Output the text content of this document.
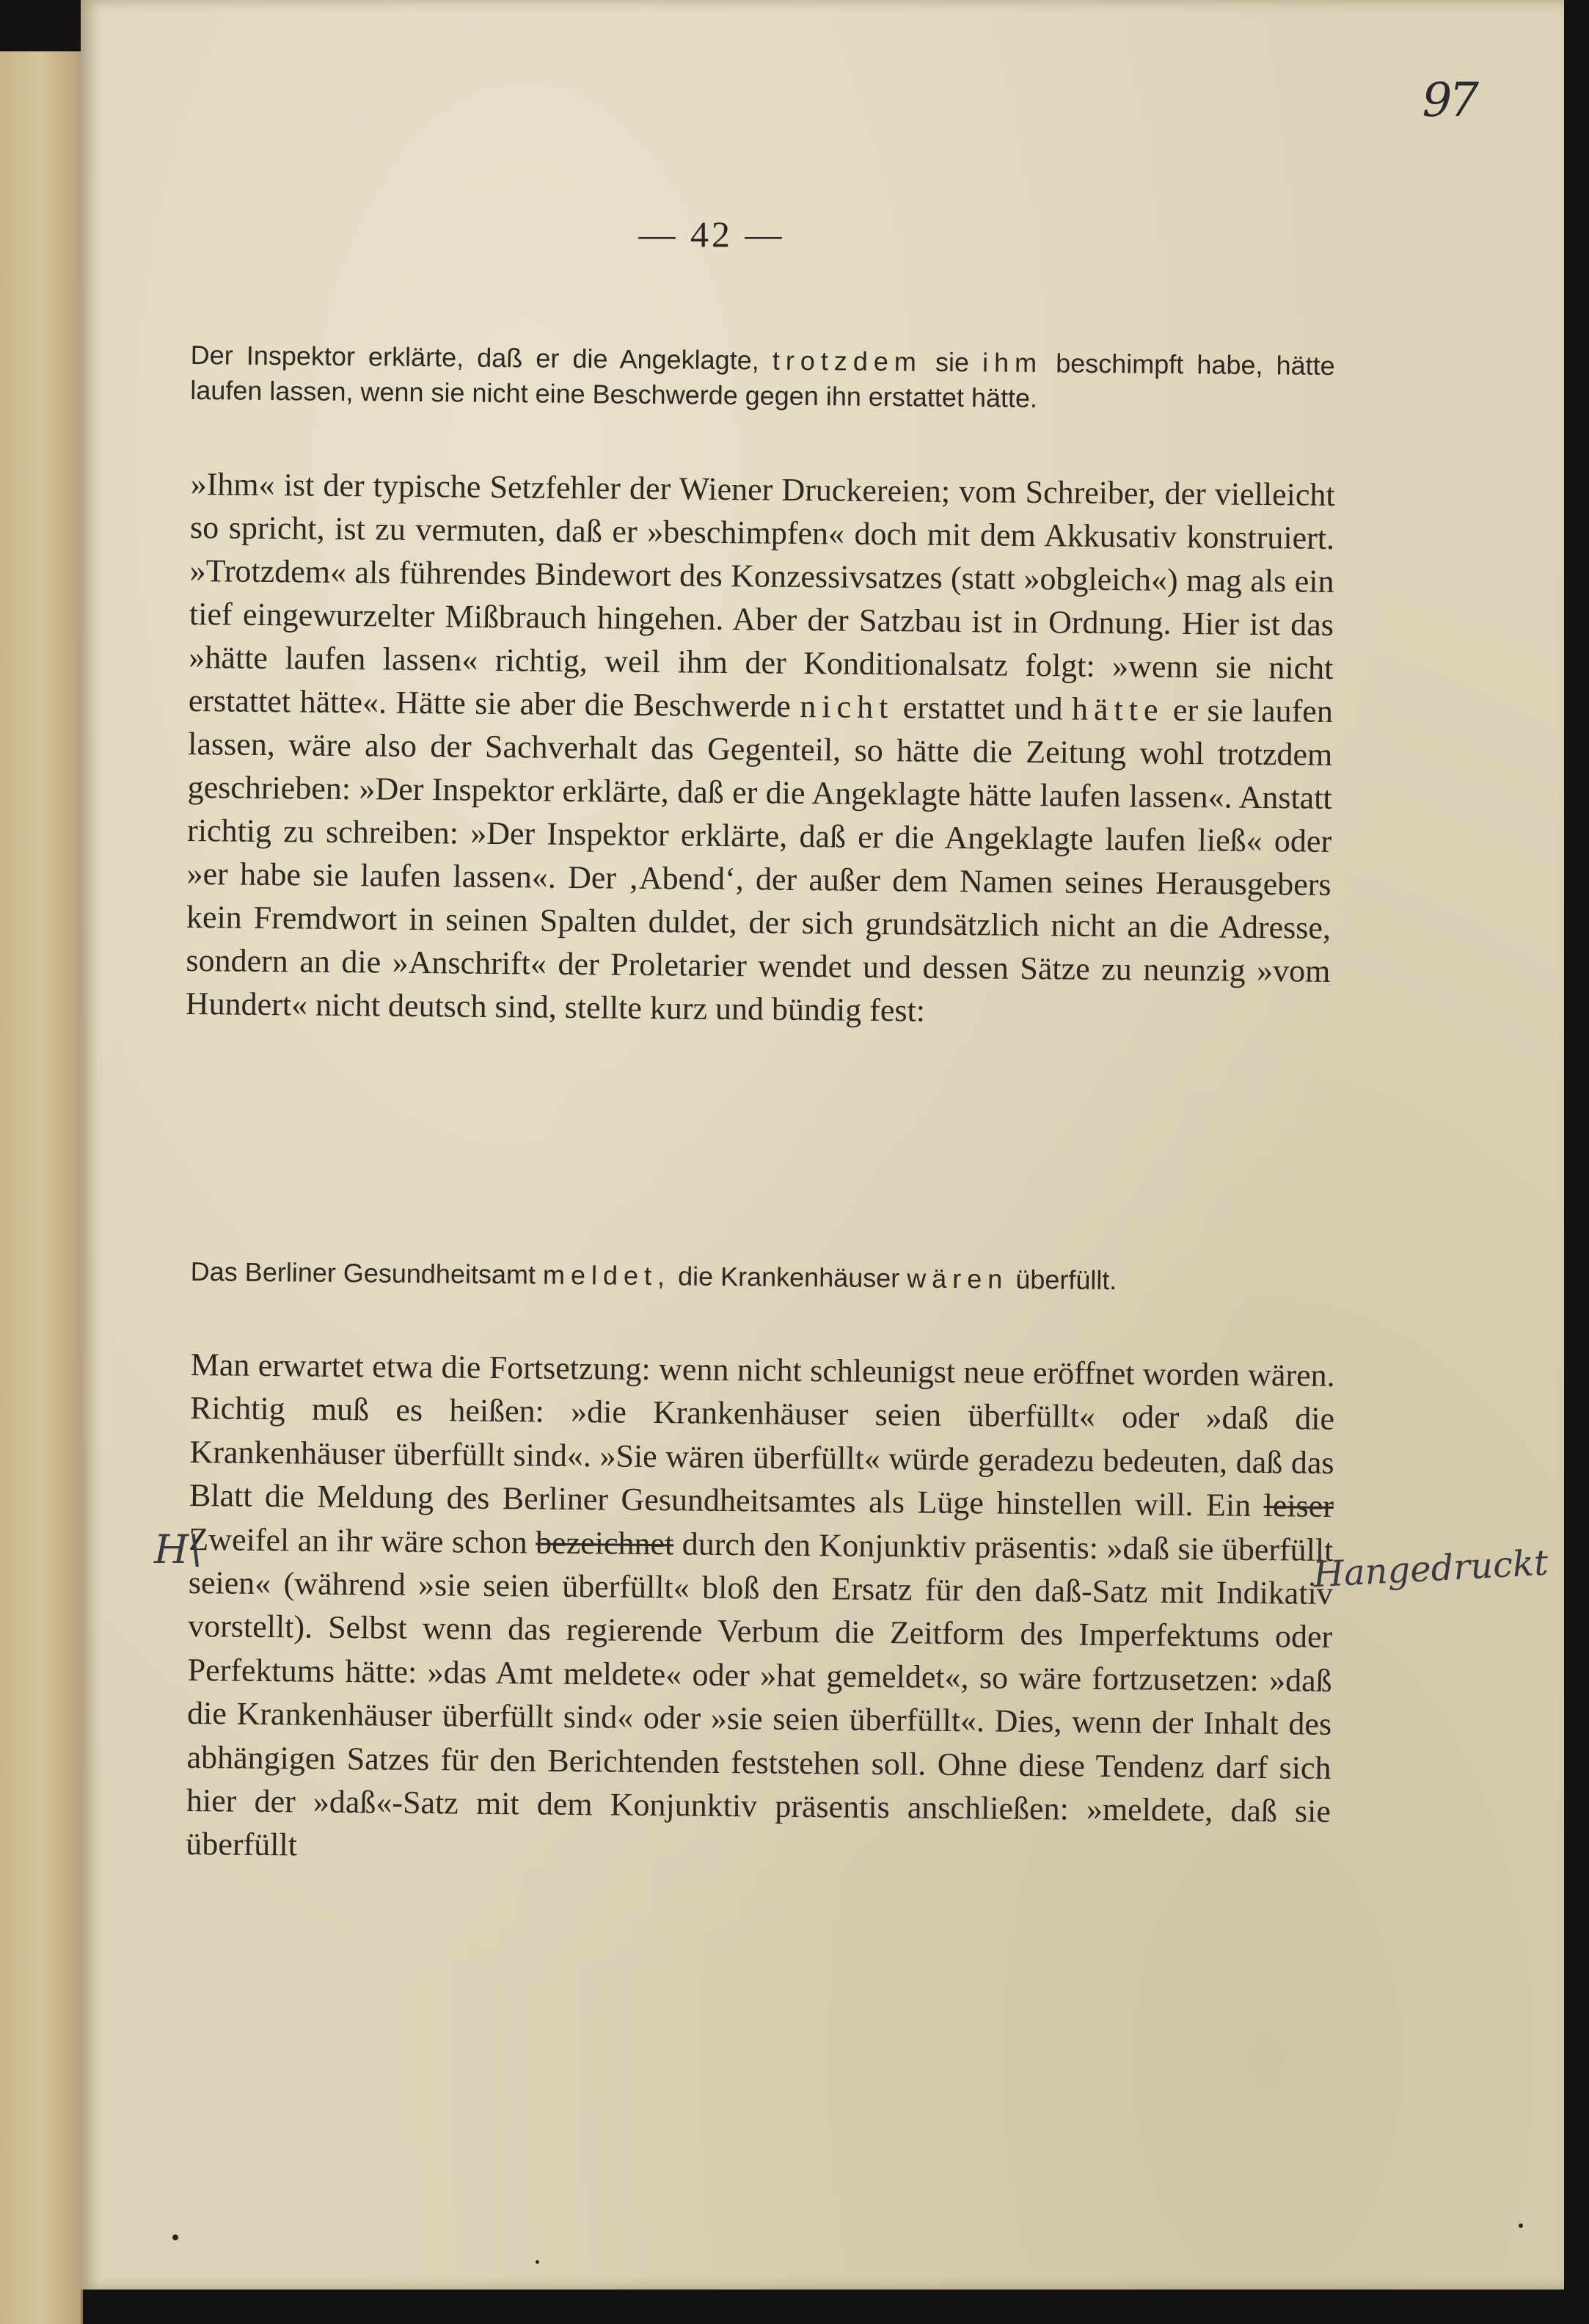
97
— 42 —

Der Inspektor erklärte, daß er die Angeklagte, trotzdem sie ihm beschimpft habe, hätte laufen lassen, wenn sie nicht eine Beschwerde gegen ihn erstattet hätte.

»Ihm« ist der typische Setzfehler der Wiener Druckereien; vom Schreiber, der vielleicht so spricht, ist zu vermuten, daß er »beschimpfen« doch mit dem Akkusativ konstruiert. »Trotzdem« als führendes Bindewort des Konzessivsatzes (statt »obgleich«) mag als ein tief eingewurzelter Mißbrauch hingehen. Aber der Satzbau ist in Ordnung. Hier ist das »hätte laufen lassen« richtig, weil ihm der Konditionalsatz folgt: »wenn sie nicht erstattet hätte«. Hätte sie aber die Beschwerde nicht erstattet und hätte er sie laufen lassen, wäre also der Sachverhalt das Gegenteil, so hätte die Zeitung wohl trotzdem geschrieben: »Der Inspektor erklärte, daß er die Angeklagte hätte laufen lassen«. Anstatt richtig zu schreiben: »Der Inspektor erklärte, daß er die Angeklagte laufen ließ« oder »er habe sie laufen lassen«. Der ‚Abend‘, der außer dem Namen seines Herausgebers kein Fremdwort in seinen Spalten duldet, der sich grundsätzlich nicht an die Adresse, sondern an die »Anschrift« der Proletarier wendet und dessen Sätze zu neunzig »vom Hundert« nicht deutsch sind, stellte kurz und bündig fest:

Das Berliner Gesundheitsamt meldet, die Krankenhäuser wären überfüllt.

Man erwartet etwa die Fortsetzung: wenn nicht schleunigst neue eröffnet worden wären. Richtig muß es heißen: »die Krankenhäuser seien überfüllt« oder »daß die Krankenhäuser überfüllt sind«. »Sie wären überfüllt« würde geradezu bedeuten, daß das Blatt die Meldung des Berliner Gesundheitsamtes als Lüge hinstellen will. Ein leiser Zweifel an ihr wäre schon bezeichnet durch den Konjunktiv präsentis: »daß sie überfüllt seien« (während »sie seien überfüllt« bloß den Ersatz für den daß-Satz mit Indikativ vorstellt). Selbst wenn das regierende Verbum die Zeitform des Imperfektums oder Perfektums hätte: »das Amt meldete« oder »hat gemeldet«, so wäre fortzusetzen: »daß die Krankenhäuser überfüllt sind« oder »sie seien überfüllt«. Dies, wenn der Inhalt des abhängigen Satzes für den Berichtenden feststehen soll. Ohne diese Tendenz darf sich hier der »daß«-Satz mit dem Konjunktiv präsentis anschließen: »meldete, daß sie überfüllt

H\	Hangedruckt
